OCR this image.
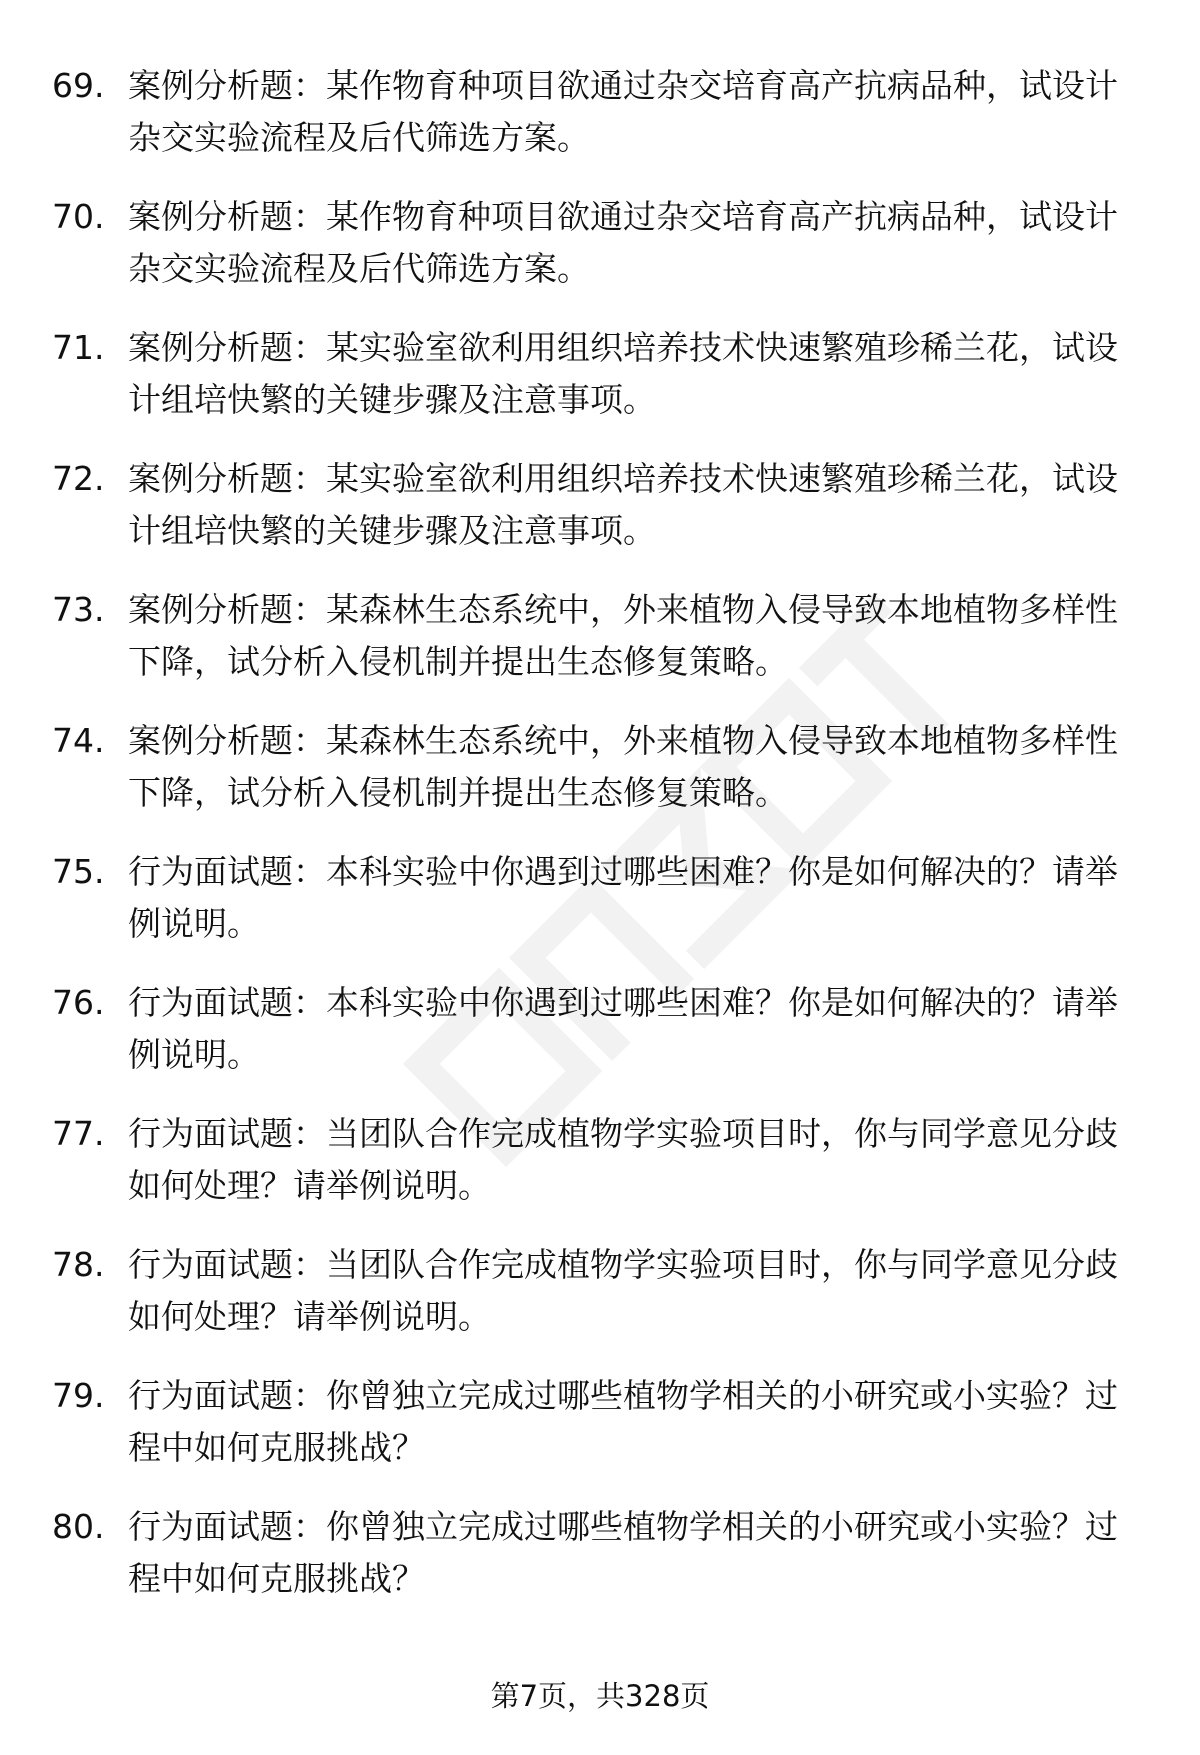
69. 案例分析题：某作物育种项目欲通过杂交培育高产抗病品种，试设计杂交实验流程及后代筛选方案。
70. 案例分析题：某作物育种项目欲通过杂交培育高产抗病品种，试设计杂交实验流程及后代筛选方案。
71. 案例分析题：某实验室欲利用组织培养技术快速繁殖珍稀兰花，试设计组培快繁的关键步骤及注意事项。
72. 案例分析题：某实验室欲利用组织培养技术快速繁殖珍稀兰花，试设计组培快繁的关键步骤及注意事项。
73. 案例分析题：某森林生态系统中，外来植物入侵导致本地植物多样性下降，试分析入侵机制并提出生态修复策略。
74. 案例分析题：某森林生态系统中，外来植物入侵导致本地植物多样性下降，试分析入侵机制并提出生态修复策略。
75. 行为面试题：本科实验中你遇到过哪些困难？你是如何解决的？请举例说明。
76. 行为面试题：本科实验中你遇到过哪些困难？你是如何解决的？请举例说明。
77. 行为面试题：当团队合作完成植物学实验项目时，你与同学意见分歧如何处理？请举例说明。
78. 行为面试题：当团队合作完成植物学实验项目时，你与同学意见分歧如何处理？请举例说明。
79. 行为面试题：你曾独立完成过哪些植物学相关的小研究或小实验？过程中如何克服挑战？
80. 行为面试题：你曾独立完成过哪些植物学相关的小研究或小实验？过程中如何克服挑战？
第7页，共328页
